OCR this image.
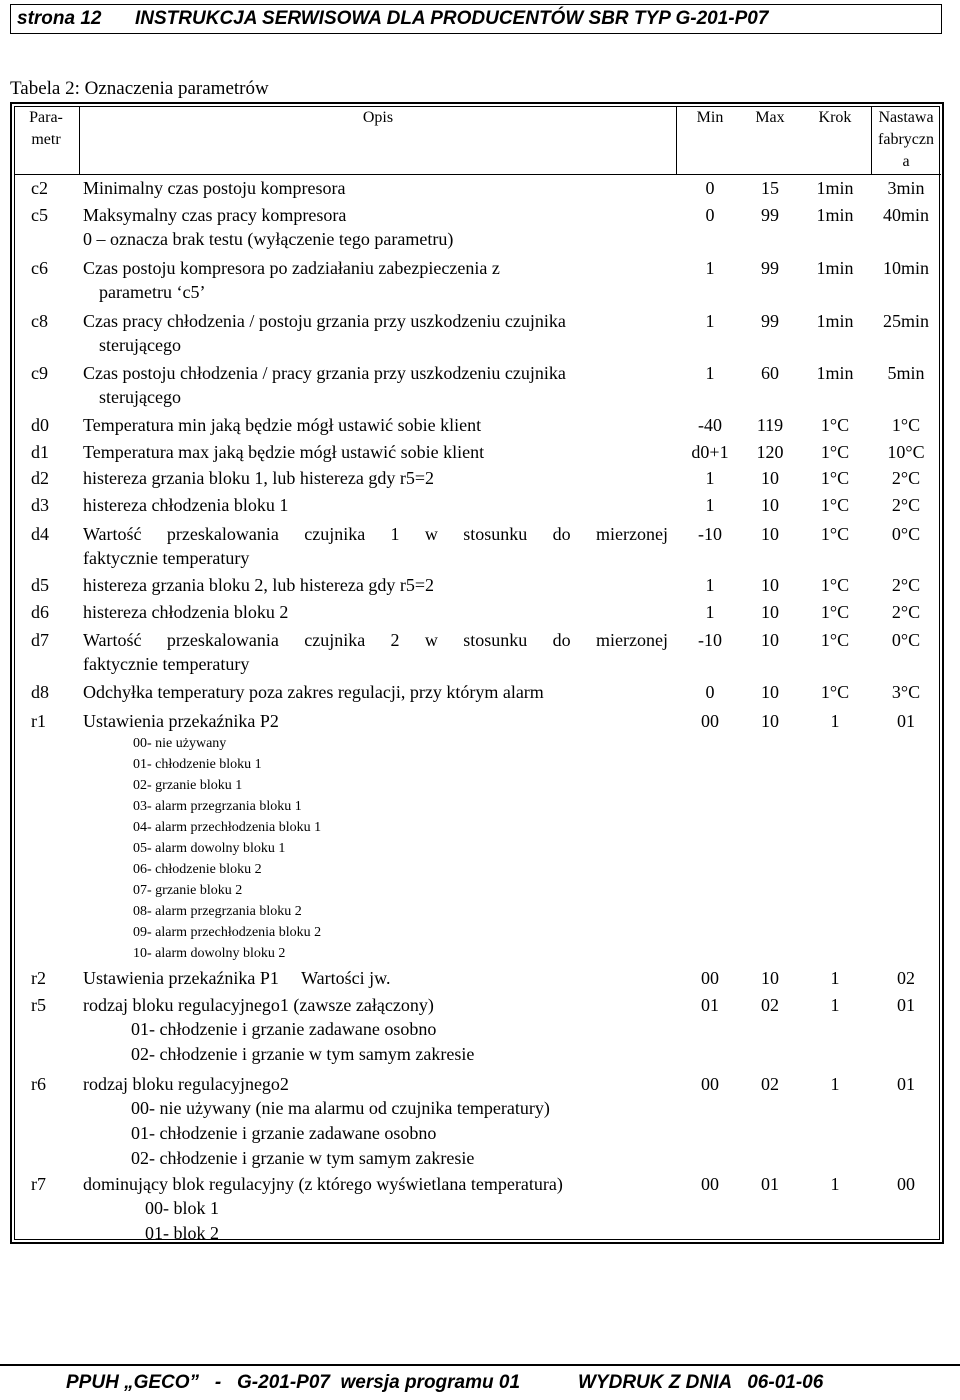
strona 12 INSTRUKCJA SERWISOWA DLA PRODUCENTÓW SBR TYP G-201-P07
Tabela 2: Oznaczenia parametrów
Para-
metr
Opis	Min	Max	Krok	Nastawa
fabryczn
a
c2 Minimalny czas postoju kompresora	0	15	1min	3min
c5 Maksymalny czas pracy kompresora
0 – oznacza brak testu (wyłączenie tego parametru)
0	99	1min	40min
c6 Czas postoju kompresora po zadziałaniu zabezpieczenia z
parametru ‘c5’
1	99	1min	10min
c8 Czas pracy chłodzenia / postoju grzania przy uszkodzeniu czujnika
sterującego
1	99	1min	25min
c9 Czas postoju chłodzenia / pracy grzania przy uszkodzeniu czujnika
sterującego
1	60	1min	5min
d0 Temperatura min jaką będzie mógł ustawić sobie klient	-40	119	1°C	1°C
d1 Temperatura max jaką będzie mógł ustawić sobie klient	d0+1	120	1°C	10°C
d2 histereza grzania bloku 1, lub histereza gdy r5=2	1	10	1°C	2°C
d3 histereza chłodzenia bloku 1	1	10	1°C	2°C
d4 Wartość przeskalowania czujnika 1 w stosunku do mierzonej
faktycznie temperatury
-10	10	1°C	0°C
d5 histereza grzania bloku 2, lub histereza gdy r5=2	1	10	1°C	2°C
d6 histereza chłodzenia bloku 2	1	10	1°C	2°C
d7 Wartość przeskalowania czujnika 2 w stosunku do mierzonej
faktycznie temperatury
-10	10	1°C	0°C
d8 Odchyłka temperatury poza zakres regulacji, przy którym alarm	0	10	1°C	3°C
r1 Ustawienia przekaźnika P2
00- nie używany
01- chłodzenie bloku 1
02- grzanie bloku 1
03- alarm przegrzania bloku 1
04- alarm przechłodzenia bloku 1
05- alarm dowolny bloku 1
06- chłodzenie bloku 2
07- grzanie bloku 2
08- alarm przegrzania bloku 2
09- alarm przechłodzenia bloku 2
10- alarm dowolny bloku 2
00	10	1	01
r2 Ustawienia przekaźnika P1     Wartości jw.	00	10	1	02
r5 rodzaj bloku regulacyjnego1 (zawsze załączony)
01- chłodzenie i grzanie zadawane osobno
02- chłodzenie i grzanie w tym samym zakresie
01	02	1	01
r6 rodzaj bloku regulacyjnego2
00- nie używany (nie ma alarmu od czujnika temperatury)
01- chłodzenie i grzanie zadawane osobno
02- chłodzenie i grzanie w tym samym zakresie
00	02	1	01
r7 dominujący blok regulacyjny (z którego wyświetlana temperatura)
00- blok 1
01- blok 2
00	01	1	00
PPUH „GECO”   -   G-201-P07  wersja programu 01	WYDRUK Z DNIA   06-01-06
